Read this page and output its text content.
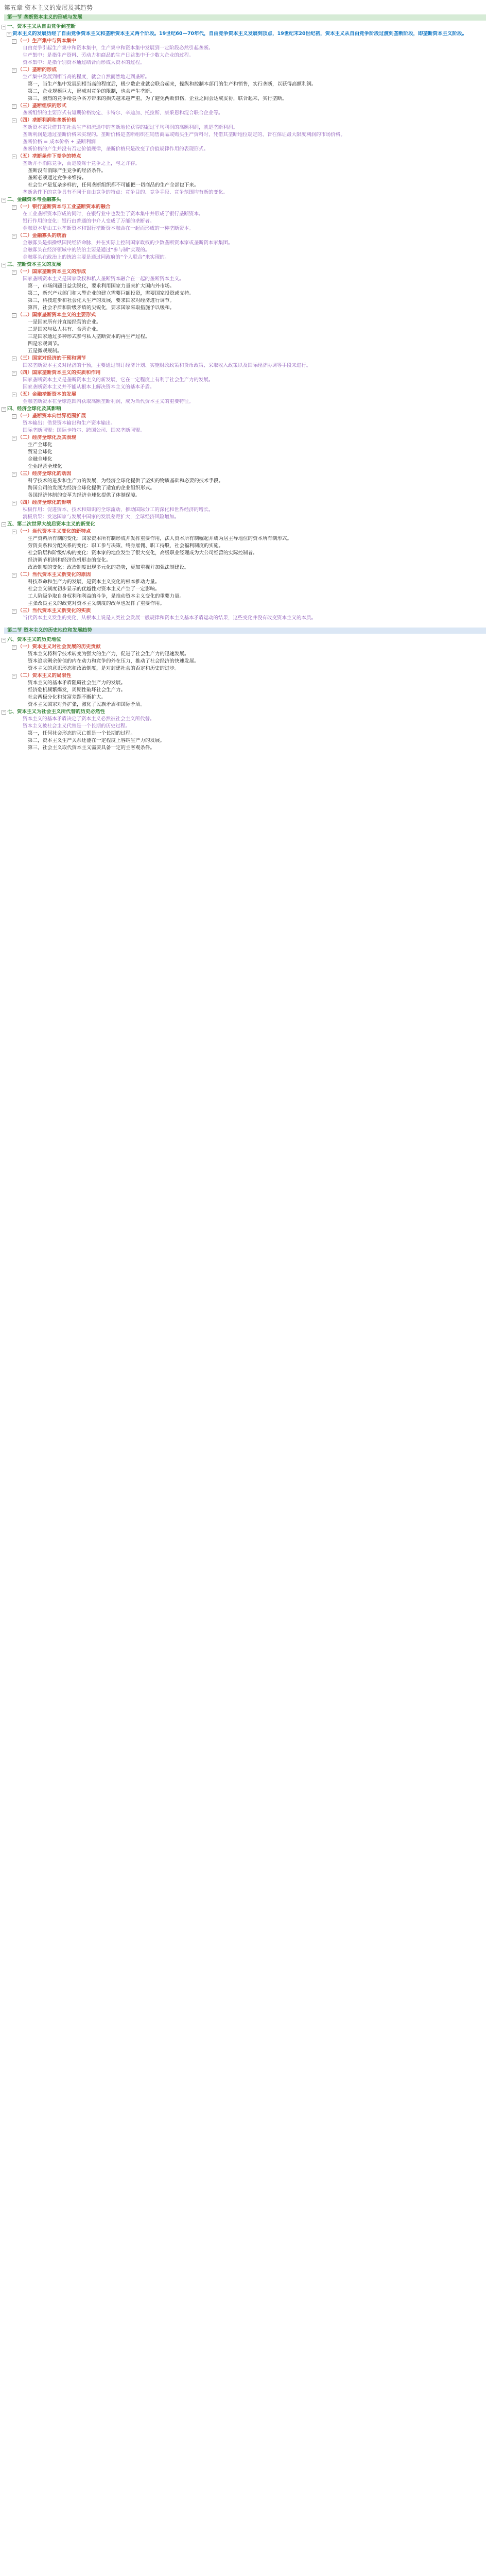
第五章 资本主义的发展及其趋势
第一节 垄断资本主义的形成与发展
− 一、资本主义从自由竞争到垄断
− 资本主义的发展历经了自由竞争资本主义和垄断资本主义两个阶段。19世纪60—70年代，自由竞争资本主义发展到顶点，19世纪末20世纪初，资本主义从自由竞争阶段过渡到垄断阶段，即垄断资本主义阶段。
− （一）生产集中与资本集中
自由竞争引起生产集中和资本集中，生产集中和资本集中发展到一定阶段必然引起垄断。
生产集中：是指生产资料、劳动力和商品的生产日益集中于少数大企业的过程。
资本集中：是指个别资本通过结合而形成大资本的过程。
− （二）垄断的形成
生产集中发展到相当高的程度，就会自然而然地走到垄断。
第一，当生产集中发展到相当高的程度后，极少数企业就会联合起来，操纵和控制本部门的生产和销售，实行垄断，以获得高额利润。
第二，企业规模巨大，形成对竞争的限制，也会产生垄断。
第三，激烈的竞争给竞争各方带来的损失越来越严重，为了避免两败俱伤，企业之间会达成妥协，联合起来，实行垄断。
− （三）垄断组织的形式
垄断组织的主要形式有短期价格协定、卡特尔、辛迪加、托拉斯、康采恩和混合联合企业等。
− （四）垄断利润和垄断价格
垄断资本家凭借其在社会生产和流通中的垄断地位获得的超过平均利润的高额利润，就是垄断利润。
垄断利润是通过垄断价格来实现的。垄断价格是垄断组织在销售商品或购买生产资料时，凭借其垄断地位规定的、旨在保证最大限度利润的市场价格。
垄断价格 = 成本价格 + 垄断利润
垄断价格的产生并没有否定价值规律，垄断价格只是改变了价值规律作用的表现形式。
− （五）垄断条件下竞争的特点
垄断并不消除竞争，而是凌驾于竞争之上，与之并存。
垄断没有消除产生竞争的经济条件。
垄断必须通过竞争来维持。
社会生产是复杂多样的，任何垄断组织都不可能把一切商品的生产全部包下来。
垄断条件下的竞争具有不同于自由竞争的特点：竞争目的、竞争手段、竞争范围均有新的变化。
− 二、金融资本与金融寡头
− （一）银行垄断资本与工业垄断资本的融合
在工业垄断资本形成的同时，在银行业中也发生了资本集中并形成了银行垄断资本。
银行作用的变化：银行由普通的中介人变成了万能的垄断者。
金融资本是由工业垄断资本和银行垄断资本融合在一起而形成的一种垄断资本。
− （二）金融寡头的统治
金融寡头是指操纵国民经济命脉，并在实际上控制国家政权的少数垄断资本家或垄断资本家集团。
金融寡头在经济领域中的统治主要是通过“参与制”实现的。
金融寡头在政治上的统治主要是通过同政府的“个人联合”来实现的。
− 三、垄断资本主义的发展
− （一）国家垄断资本主义的形成
国家垄断资本主义是国家政权和私人垄断资本融合在一起的垄断资本主义。
第一，市场问题日益尖锐化，要求利用国家力量来扩大国内外市场。
第二，新兴产业部门和大型企业的建立需要巨额投资，需要国家投资或支持。
第三，科技进步和社会化大生产的发展，要求国家对经济进行调节。
第四，社会矛盾和阶级矛盾的尖锐化，要求国家采取措施予以缓和。
− （二）国家垄断资本主义的主要形式
一是国家所有并直接经营的企业。
二是国家与私人共有、合营企业。
三是国家通过多种形式参与私人垄断资本的再生产过程。
四是宏观调节。
五是微观规制。
− （三）国家对经济的干预和调节
国家垄断资本主义对经济的干预，主要通过制订经济计划、实施财政政策和货币政策、采取收入政策以及国际经济协调等手段来进行。
− （四）国家垄断资本主义的实质和作用
国家垄断资本主义是垄断资本主义的新发展，它在一定程度上有利于社会生产力的发展。
国家垄断资本主义并不能从根本上解决资本主义的基本矛盾。
− （五）金融垄断资本的发展
金融垄断资本在全球范围内获取高额垄断利润，成为当代资本主义的重要特征。
− 四、经济全球化及其影响
− （一）垄断资本向世界范围扩展
资本输出：借贷资本输出和生产资本输出。
国际垄断同盟：国际卡特尔、跨国公司、国家垄断同盟。
− （二）经济全球化及其表现
生产全球化
贸易全球化
金融全球化
企业经营全球化
− （三）经济全球化的动因
科学技术的进步和生产力的发展，为经济全球化提供了坚实的物质基础和必要的技术手段。
跨国公司的发展为经济全球化提供了适宜的企业组织形式。
各国经济体制的变革为经济全球化提供了体制保障。
− （四）经济全球化的影响
积极作用：促进资本、技术和知识的全球流动，推动国际分工的深化和世界经济的增长。
消极后果：发达国家与发展中国家的发展差距扩大，全球经济风险增加。
− 五、第二次世界大战后资本主义的新变化
− （一）当代资本主义变化的新特点
生产资料所有制的变化：国家资本所有制形成并发挥重要作用，法人资本所有制崛起并成为居主导地位的资本所有制形式。
劳资关系和分配关系的变化：职工参与决策、终身雇佣、职工持股，社会福利制度的实施。
社会阶层和阶级结构的变化：资本家的地位发生了很大变化，高级职业经理成为大公司经营的实际控制者。
经济调节机制和经济危机形态的变化。
政治制度的变化：政治制度出现多元化的趋势，更加重视并加强法制建设。
− （二）当代资本主义新变化的原因
科技革命和生产力的发展，是资本主义变化的根本推动力量。
社会主义制度初步显示的优越性对资本主义产生了一定影响。
工人阶级争取自身权利和利益的斗争，是推动资本主义变化的重要力量。
主张改良主义的政党对资本主义制度的改革也发挥了重要作用。
− （三）当代资本主义新变化的实质
当代资本主义发生的变化，从根本上说是人类社会发展一般规律和资本主义基本矛盾运动的结果，这些变化并没有改变资本主义的本质。
第二节 资本主义的历史地位和发展趋势
− 六、资本主义的历史地位
− （一）资本主义对社会发展的历史贡献
资本主义将科学技术转变为强大的生产力，促进了社会生产力的迅速发展。
资本追求剩余价值的内在动力和竞争的外在压力，推动了社会经济的快速发展。
资本主义的意识形态和政治制度，是对封建社会的否定和历史的进步。
− （二）资本主义的局限性
资本主义的基本矛盾阻碍社会生产力的发展。
经济危机频繁爆发，周期性破坏社会生产力。
社会两极分化和贫富差距不断扩大。
资本主义国家对外扩张，激化了民族矛盾和国际矛盾。
− 七、资本主义为社会主义所代替的历史必然性
资本主义的基本矛盾决定了资本主义必然被社会主义所代替。
资本主义被社会主义代替是一个长期的历史过程。
第一，任何社会形态的灭亡都是一个长期的过程。
第二，资本主义生产关系还能在一定程度上容纳生产力的发展。
第三，社会主义取代资本主义需要具备一定的主客观条件。
